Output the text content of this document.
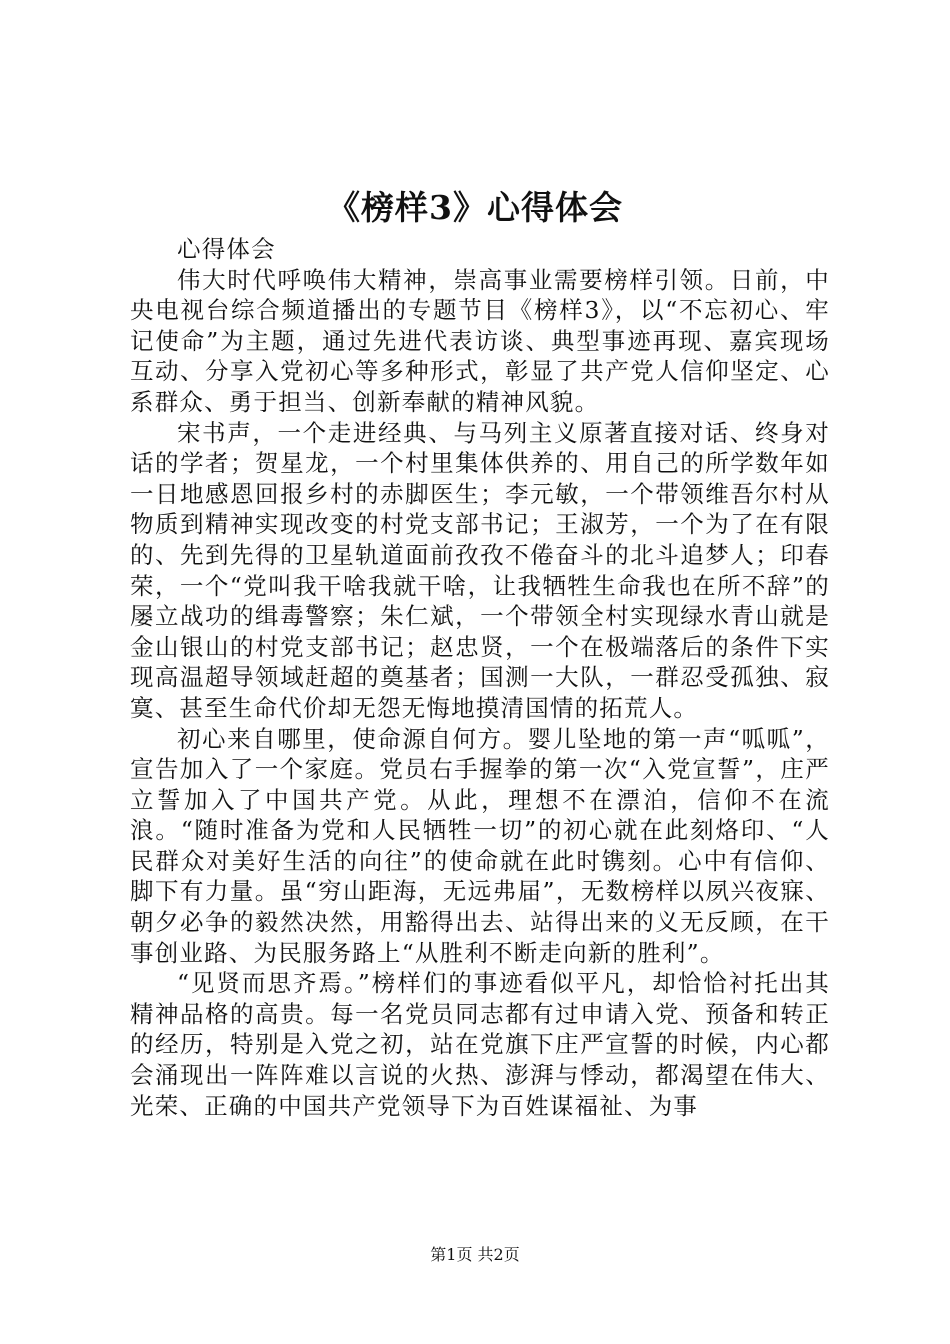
《榜样3》心得体会

心得体会

伟大时代呼唤伟大精神，崇高事业需要榜样引领。日前，中央电视台综合频道播出的专题节目《榜样3》，以“不忘初心、牢记使命”为主题，通过先进代表访谈、典型事迹再现、嘉宾现场互动、分享入党初心等多种形式，彰显了共产党人信仰坚定、心系群众、勇于担当、创新奉献的精神风貌。

宋书声，一个走进经典、与马列主义原著直接对话、终身对话的学者；贺星龙，一个村里集体供养的、用自己的所学数年如一日地感恩回报乡村的赤脚医生；李元敏，一个带领维吾尔村从物质到精神实现改变的村党支部书记；王淑芳，一个为了在有限的、先到先得的卫星轨道面前孜孜不倦奋斗的北斗追梦人；印春荣，一个“党叫我干啥我就干啥，让我牺牲生命我也在所不辞”的屡立战功的缉毒警察；朱仁斌，一个带领全村实现绿水青山就是金山银山的村党支部书记；赵忠贤，一个在极端落后的条件下实现高温超导领域赶超的奠基者；国测一大队，一群忍受孤独、寂寞、甚至生命代价却无怨无悔地摸清国情的拓荒人。

初心来自哪里，使命源自何方。婴儿坠地的第一声“呱呱”，宣告加入了一个家庭。党员右手握拳的第一次“入党宣誓”，庄严立誓加入了中国共产党。从此，理想不在漂泊，信仰不在流浪。“随时准备为党和人民牺牲一切”的初心就在此刻烙印、“人民群众对美好生活的向往”的使命就在此时镌刻。心中有信仰、脚下有力量。虽“穷山距海，无远弗届”，无数榜样以夙兴夜寐、朝夕必争的毅然决然，用豁得出去、站得出来的义无反顾，在干事创业路、为民服务路上“从胜利不断走向新的胜利”。

“见贤而思齐焉。”榜样们的事迹看似平凡，却恰恰衬托出其精神品格的高贵。每一名党员同志都有过申请入党、预备和转正的经历，特别是入党之初，站在党旗下庄严宣誓的时候，内心都会涌现出一阵阵难以言说的火热、澎湃与悸动，都渴望在伟大、光荣、正确的中国共产党领导下为百姓谋福祉、为事

第1页 共2页
